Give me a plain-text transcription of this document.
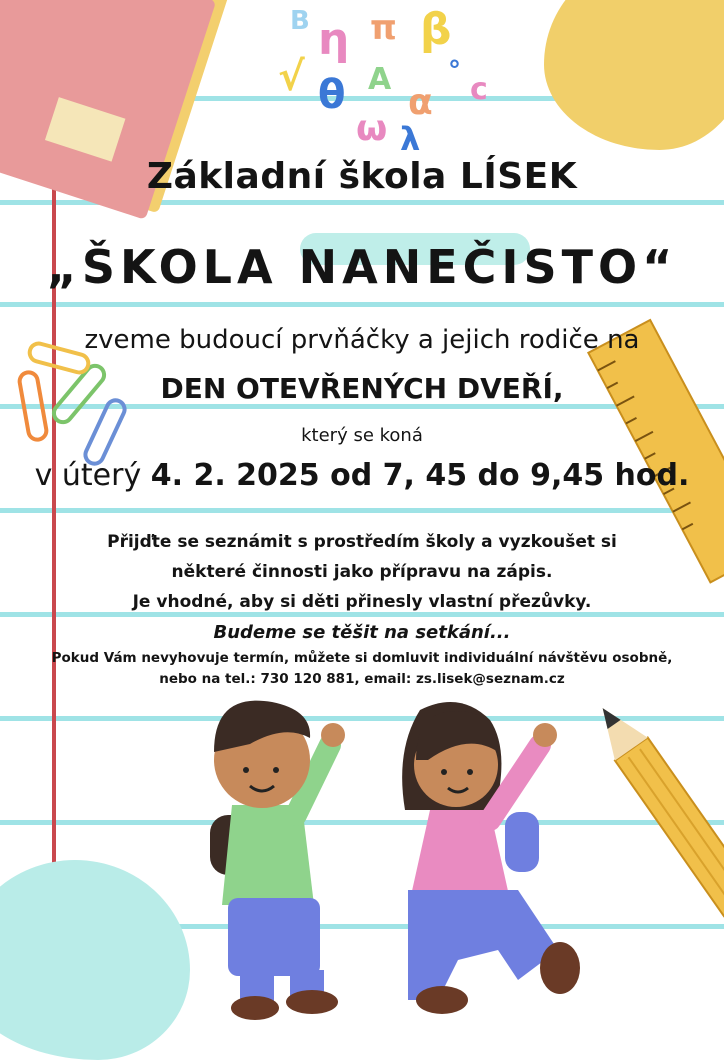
B η π β
√ θ A
α c
ω λ
°
Základní škola LÍSEK
„ŠKOLA NANEČISTO“
zveme budoucí prvňáčky a jejich rodiče na
DEN OTEVŘENÝCH DVEŘÍ,
který se koná
v úterý 4. 2. 2025 od 7, 45 do 9,45 hod.
Přijďte se seznámit s prostředím školy a vyzkoušet si
některé činnosti jako přípravu na zápis.
Je vhodné, aby si děti přinesly vlastní přezůvky.
Budeme se těšit na setkání...
Pokud Vám nevyhovuje termín, můžete si domluvit individuální návštěvu osobně,
nebo na tel.: 730 120 881, email: zs.lisek@seznam.cz
